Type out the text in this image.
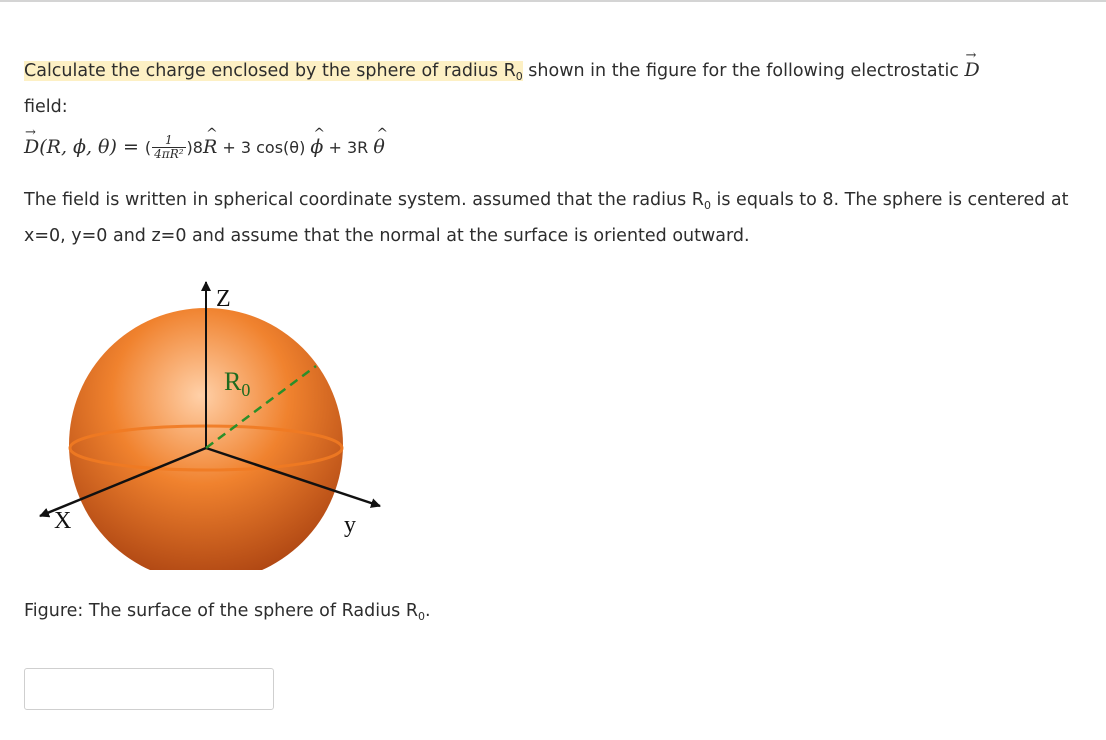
Calculate the charge enclosed by the sphere of radius $R_0$ shown in the figure for the following electrostatic → D
field:
→ D(R, ϕ, θ) = ( $\frac{1}{\text{4πR²}}$ )8^ R + 3 cos(θ) ^ ϕ + 3R ^ θ
The field is written in spherical coordinate system. assumed that the radius $R_0$ is equals to 8. The sphere is centered at x=0, y=0 and z=0 and assume that the normal at the surface is oriented outward.
Z
X	y
$R_0$
Figure: The surface of the sphere of Radius $R_0$.
